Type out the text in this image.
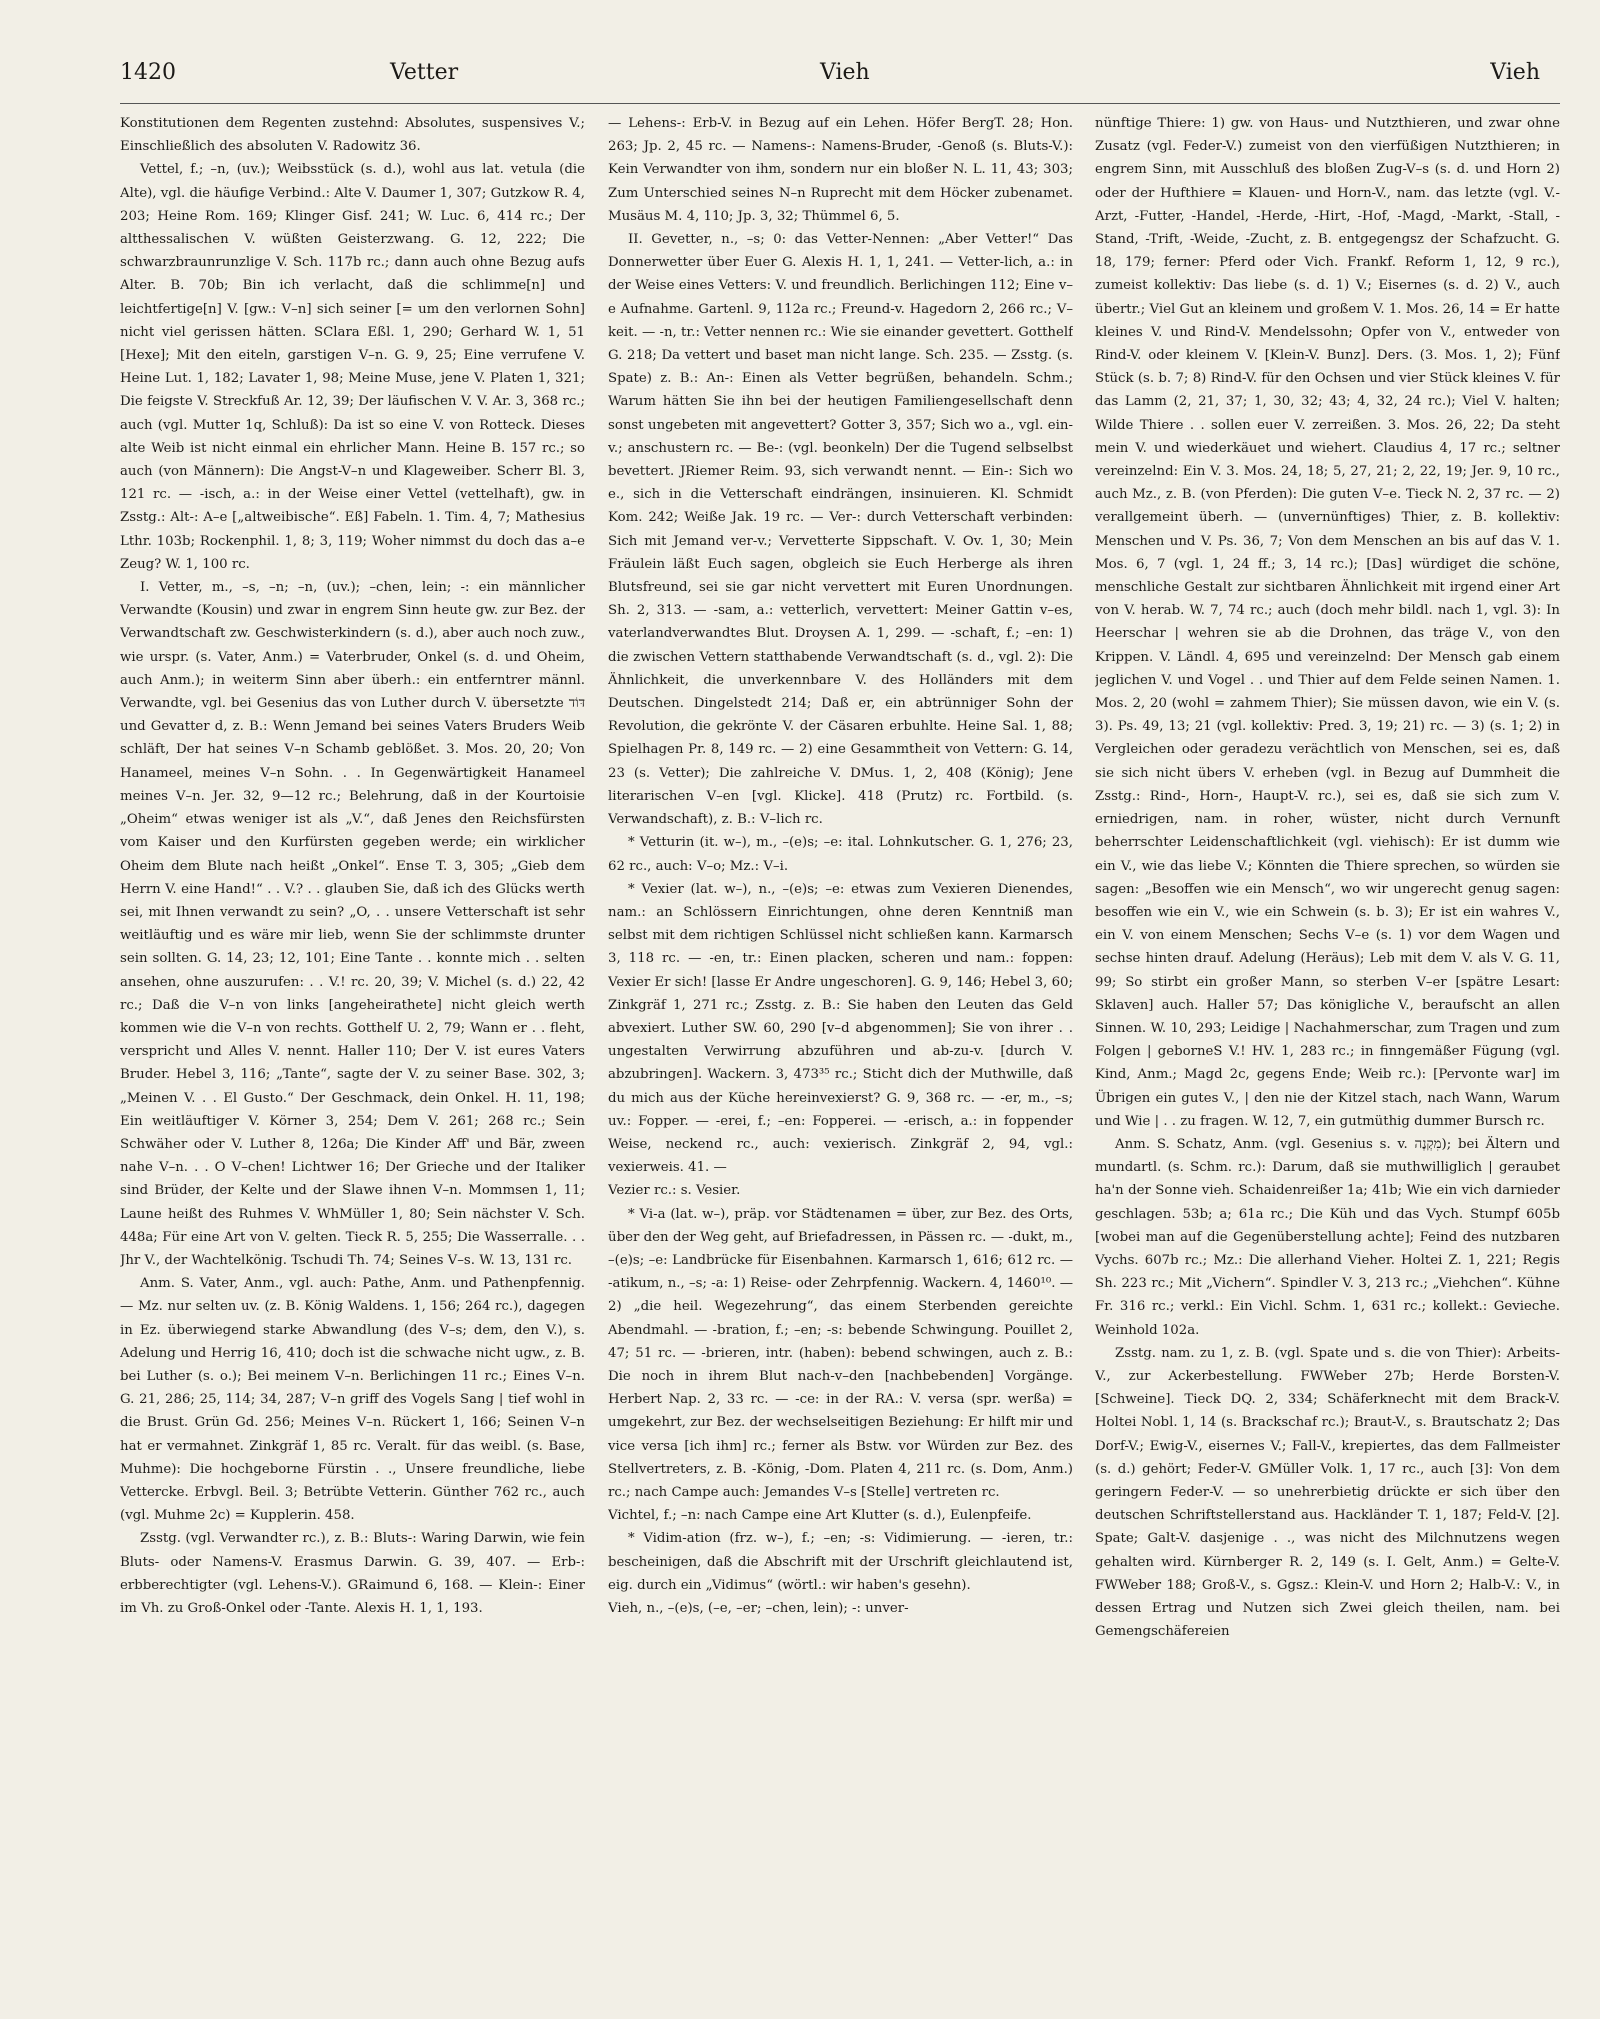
1420	Vetter	Vieh	Vieh

Konstitutionen dem Regenten zustehnd: Absolutes, suspensives V.; Einschließlich des absoluten V. Radowitz 36.

Vettel, f.; –n, (uv.); Weibsstück (s. d.), wohl aus lat. vetula (die Alte), vgl. die häufige Verbind.: Alte V. Daumer 1, 307; Gutzkow R. 4, 203; Heine Rom. 169; Klinger Gisf. 241; W. Luc. 6, 414 rc.; Der altthessalischen V. wüßten Geisterzwang. G. 12, 222; Die schwarzbraunrunzlige V. Sch. 117b rc.; dann auch ohne Bezug aufs Alter. B. 70b; Bin ich verlacht, daß die schlimme[n] und leichtfertige[n] V. [gw.: V–n] sich seiner [= um den verlornen Sohn] nicht viel gerissen hätten. SClara Eßl. 1, 290; Gerhard W. 1, 51 [Hexe]; Mit den eiteln, garstigen V–n. G. 9, 25; Eine verrufene V. Heine Lut. 1, 182; Lavater 1, 98; Meine Muse, jene V. Platen 1, 321; Die feigste V. Streckfuß Ar. 12, 39; Der läufischen V. V. Ar. 3, 368 rc.; auch (vgl. Mutter 1q, Schluß): Da ist so eine V. von Rotteck. Dieses alte Weib ist nicht einmal ein ehrlicher Mann. Heine B. 157 rc.; so auch (von Männern): Die Angst-V–n und Klageweiber. Scherr Bl. 3, 121 rc. — -isch, a.: in der Weise einer Vettel (vettelhaft), gw. in Zsstg.: Alt-: A–e [„altweibische“. Eß] Fabeln. 1. Tim. 4, 7; Mathesius Lthr. 103b; Rockenphil. 1, 8; 3, 119; Woher nimmst du doch das a–e Zeug? W. 1, 100 rc.

I. Vetter, m., –s, –n; –n, (uv.); –chen, lein; -: ein männlicher Verwandte (Kousin) und zwar in engrem Sinn heute gw. zur Bez. der Verwandtschaft zw. Geschwisterkindern (s. d.), aber auch noch zuw., wie urspr. (s. Vater, Anm.) = Vaterbruder, Onkel (s. d. und Oheim, auch Anm.); in weiterm Sinn aber überh.: ein entferntrer männl. Verwandte, vgl. bei Gesenius das von Luther durch V. übersetzte דּוֹד und Gevatter d, z. B.: Wenn Jemand bei seines Vaters Bruders Weib schläft, Der hat seines V–n Schamb geblößet. 3. Mos. 20, 20; Von Hanameel, meines V–n Sohn. . . In Gegenwärtigkeit Hanameel meines V–n. Jer. 32, 9—12 rc.; Belehrung, daß in der Kourtoisie „Oheim“ etwas weniger ist als „V.“, daß Jenes den Reichsfürsten vom Kaiser und den Kurfürsten gegeben werde; ein wirklicher Oheim dem Blute nach heißt „Onkel“. Ense T. 3, 305; „Gieb dem Herrn V. eine Hand!“ . . V.? . . glauben Sie, daß ich des Glücks werth sei, mit Ihnen verwandt zu sein? „O, . . unsere Vetterschaft ist sehr weitläuftig und es wäre mir lieb, wenn Sie der schlimmste drunter sein sollten. G. 14, 23; 12, 101; Eine Tante . . konnte mich . . selten ansehen, ohne auszurufen: . . V.! rc. 20, 39; V. Michel (s. d.) 22, 42 rc.; Daß die V–n von links [angeheirathete] nicht gleich werth kommen wie die V–n von rechts. Gotthelf U. 2, 79; Wann er . . fleht, verspricht und Alles V. nennt. Haller 110; Der V. ist eures Vaters Bruder. Hebel 3, 116; „Tante“, sagte der V. zu seiner Base. 302, 3; „Meinen V. . . El Gusto.“ Der Geschmack, dein Onkel. H. 11, 198; Ein weitläuftiger V. Körner 3, 254; Dem V. 261; 268 rc.; Sein Schwäher oder V. Luther 8, 126a; Die Kinder Aff' und Bär, zween nahe V–n. . . O V–chen! Lichtwer 16; Der Grieche und der Italiker sind Brüder, der Kelte und der Slawe ihnen V–n. Mommsen 1, 11; Laune heißt des Ruhmes V. WhMüller 1, 80; Sein nächster V. Sch. 448a; Für eine Art von V. gelten. Tieck R. 5, 255; Die Wasserralle. . . Jhr V., der Wachtelkönig. Tschudi Th. 74; Seines V–s. W. 13, 131 rc.

Anm. S. Vater, Anm., vgl. auch: Pathe, Anm. und Pathenpfennig. — Mz. nur selten uv. (z. B. König Waldens. 1, 156; 264 rc.), dagegen in Ez. überwiegend starke Abwandlung (des V–s; dem, den V.), s. Adelung und Herrig 16, 410; doch ist die schwache nicht ugw., z. B. bei Luther (s. o.); Bei meinem V–n. Berlichingen 11 rc.; Eines V–n. G. 21, 286; 25, 114; 34, 287; V–n griff des Vogels Sang | tief wohl in die Brust. Grün Gd. 256; Meines V–n. Rückert 1, 166; Seinen V–n hat er vermahnet. Zinkgräf 1, 85 rc. Veralt. für das weibl. (s. Base, Muhme): Die hochgeborne Fürstin . ., Unsere freundliche, liebe Vettercke. Erbvgl. Beil. 3; Betrübte Vetterin. Günther 762 rc., auch (vgl. Muhme 2c) = Kupplerin. 458.

Zsstg. (vgl. Verwandter rc.), z. B.: Bluts-: Waring Darwin, wie fein Bluts- oder Namens-V. Erasmus Darwin. G. 39, 407. — Erb-: erbberechtigter (vgl. Lehens-V.). GRaimund 6, 168. — Klein-: Einer im Vh. zu Groß-Onkel oder -Tante. Alexis H. 1, 1, 193.

— Lehens-: Erb-V. in Bezug auf ein Lehen. Höfer BergT. 28; Hon. 263; Jp. 2, 45 rc. — Namens-: Namens-Bruder, -Genoß (s. Bluts-V.): Kein Verwandter von ihm, sondern nur ein bloßer N. L. 11, 43; 303; Zum Unterschied seines N–n Ruprecht mit dem Höcker zubenamet. Musäus M. 4, 110; Jp. 3, 32; Thümmel 6, 5.

II. Gevetter, n., –s; 0: das Vetter-Nennen: „Aber Vetter!“ Das Donnerwetter über Euer G. Alexis H. 1, 1, 241. — Vetter-lich, a.: in der Weise eines Vetters: V. und freundlich. Berlichingen 112; Eine v–e Aufnahme. Gartenl. 9, 112a rc.; Freund-v. Hagedorn 2, 266 rc.; V–keit. — -n, tr.: Vetter nennen rc.: Wie sie einander gevettert. Gotthelf G. 218; Da vettert und baset man nicht lange. Sch. 235. — Zsstg. (s. Spate) z. B.: An-: Einen als Vetter begrüßen, behandeln. Schm.; Warum hätten Sie ihn bei der heutigen Familiengesellschaft denn sonst ungebeten mit angevettert? Gotter 3, 357; Sich wo a., vgl. ein-v.; anschustern rc. — Be-: (vgl. beonkeln) Der die Tugend selbselbst bevettert. JRiemer Reim. 93, sich verwandt nennt. — Ein-: Sich wo e., sich in die Vetterschaft eindrängen, insinuieren. Kl. Schmidt Kom. 242; Weiße Jak. 19 rc. — Ver-: durch Vetterschaft verbinden: Sich mit Jemand ver-v.; Vervetterte Sippschaft. V. Ov. 1, 30; Mein Fräulein läßt Euch sagen, obgleich sie Euch Herberge als ihren Blutsfreund, sei sie gar nicht vervettert mit Euren Unordnungen. Sh. 2, 313. — -sam, a.: vetterlich, vervettert: Meiner Gattin v–es, vaterlandverwandtes Blut. Droysen A. 1, 299. — -schaft, f.; –en: 1) die zwischen Vettern statthabende Verwandtschaft (s. d., vgl. 2): Die Ähnlichkeit, die unverkennbare V. des Holländers mit dem Deutschen. Dingelstedt 214; Daß er, ein abtrünniger Sohn der Revolution, die gekrönte V. der Cäsaren erbuhlte. Heine Sal. 1, 88; Spielhagen Pr. 8, 149 rc. — 2) eine Gesammtheit von Vettern: G. 14, 23 (s. Vetter); Die zahlreiche V. DMus. 1, 2, 408 (König); Jene literarischen V–en [vgl. Klicke]. 418 (Prutz) rc. Fortbild. (s. Verwandschaft), z. B.: V–lich rc.

* Vetturin (it. w–), m., –(e)s; –e: ital. Lohnkutscher. G. 1, 276; 23, 62 rc., auch: V–o; Mz.: V–i.

* Vexier (lat. w–), n., –(e)s; –e: etwas zum Vexieren Dienendes, nam.: an Schlössern Einrichtungen, ohne deren Kenntniß man selbst mit dem richtigen Schlüssel nicht schließen kann. Karmarsch 3, 118 rc. — -en, tr.: Einen placken, scheren und nam.: foppen: Vexier Er sich! [lasse Er Andre ungeschoren]. G. 9, 146; Hebel 3, 60; Zinkgräf 1, 271 rc.; Zsstg. z. B.: Sie haben den Leuten das Geld abvexiert. Luther SW. 60, 290 [v–d abgenommen]; Sie von ihrer . . ungestalten Verwirrung abzuführen und ab-zu-v. [durch V. abzubringen]. Wackern. 3, 473³⁵ rc.; Sticht dich der Muthwille, daß du mich aus der Küche hereinvexierst? G. 9, 368 rc. — -er, m., –s; uv.: Fopper. — -erei, f.; –en: Fopperei. — -erisch, a.: in foppender Weise, neckend rc., auch: vexierisch. Zinkgräf 2, 94, vgl.: vexierweis. 41. —

Vezier rc.: s. Vesier.

* Vi-a (lat. w–), präp. vor Städtenamen = über, zur Bez. des Orts, über den der Weg geht, auf Briefadressen, in Pässen rc. — -dukt, m., –(e)s; –e: Landbrücke für Eisenbahnen. Karmarsch 1, 616; 612 rc. — -atikum, n., –s; -a: 1) Reise- oder Zehrpfennig. Wackern. 4, 1460¹⁰. — 2) „die heil. Wegezehrung“, das einem Sterbenden gereichte Abendmahl. — -bration, f.; –en; -s: bebende Schwingung. Pouillet 2, 47; 51 rc. — -brieren, intr. (haben): bebend schwingen, auch z. B.: Die noch in ihrem Blut nach-v–den [nachbebenden] Vorgänge. Herbert Nap. 2, 33 rc. — -ce: in der RA.: V. versa (spr. werßa) = umgekehrt, zur Bez. der wechselseitigen Beziehung: Er hilft mir und vice versa [ich ihm] rc.; ferner als Bstw. vor Würden zur Bez. des Stellvertreters, z. B. -König, -Dom. Platen 4, 211 rc. (s. Dom, Anm.) rc.; nach Campe auch: Jemandes V–s [Stelle] vertreten rc.

Vichtel, f.; –n: nach Campe eine Art Klutter (s. d.), Eulenpfeife.

* Vidim-ation (frz. w–), f.; –en; -s: Vidimierung. — -ieren, tr.: bescheinigen, daß die Abschrift mit der Urschrift gleichlautend ist, eig. durch ein „Vidimus“ (wörtl.: wir haben's gesehn).

Vieh, n., –(e)s, (–e, –er; –chen, lein); -: unver-

nünftige Thiere: 1) gw. von Haus- und Nutzthieren, und zwar ohne Zusatz (vgl. Feder-V.) zumeist von den vierfüßigen Nutzthieren; in engrem Sinn, mit Ausschluß des bloßen Zug-V–s (s. d. und Horn 2) oder der Hufthiere = Klauen- und Horn-V., nam. das letzte (vgl. V.-Arzt, -Futter, -Handel, -Herde, -Hirt, -Hof, -Magd, -Markt, -Stall, -Stand, -Trift, -Weide, -Zucht, z. B. entgegengsz der Schafzucht. G. 18, 179; ferner: Pferd oder Vich. Frankf. Reform 1, 12, 9 rc.), zumeist kollektiv: Das liebe (s. d. 1) V.; Eisernes (s. d. 2) V., auch übertr.; Viel Gut an kleinem und großem V. 1. Mos. 26, 14 = Er hatte kleines V. und Rind-V. Mendelssohn; Opfer von V., entweder von Rind-V. oder kleinem V. [Klein-V. Bunz]. Ders. (3. Mos. 1, 2); Fünf Stück (s. b. 7; 8) Rind-V. für den Ochsen und vier Stück kleines V. für das Lamm (2, 21, 37; 1, 30, 32; 43; 4, 32, 24 rc.); Viel V. halten; Wilde Thiere . . sollen euer V. zerreißen. 3. Mos. 26, 22; Da steht mein V. und wiederkäuet und wiehert. Claudius 4, 17 rc.; seltner vereinzelnd: Ein V. 3. Mos. 24, 18; 5, 27, 21; 2, 22, 19; Jer. 9, 10 rc., auch Mz., z. B. (von Pferden): Die guten V–e. Tieck N. 2, 37 rc. — 2) verallgemeint überh. — (unvernünftiges) Thier, z. B. kollektiv: Menschen und V. Ps. 36, 7; Von dem Menschen an bis auf das V. 1. Mos. 6, 7 (vgl. 1, 24 ff.; 3, 14 rc.); [Das] würdiget die schöne, menschliche Gestalt zur sichtbaren Ähnlichkeit mit irgend einer Art von V. herab. W. 7, 74 rc.; auch (doch mehr bildl. nach 1, vgl. 3): In Heerschar | wehren sie ab die Drohnen, das träge V., von den Krippen. V. Ländl. 4, 695 und vereinzelnd: Der Mensch gab einem jeglichen V. und Vogel . . und Thier auf dem Felde seinen Namen. 1. Mos. 2, 20 (wohl = zahmem Thier); Sie müssen davon, wie ein V. (s. 3). Ps. 49, 13; 21 (vgl. kollektiv: Pred. 3, 19; 21) rc. — 3) (s. 1; 2) in Vergleichen oder geradezu verächtlich von Menschen, sei es, daß sie sich nicht übers V. erheben (vgl. in Bezug auf Dummheit die Zsstg.: Rind-, Horn-, Haupt-V. rc.), sei es, daß sie sich zum V. erniedrigen, nam. in roher, wüster, nicht durch Vernunft beherrschter Leidenschaftlichkeit (vgl. viehisch): Er ist dumm wie ein V., wie das liebe V.; Könnten die Thiere sprechen, so würden sie sagen: „Besoffen wie ein Mensch“, wo wir ungerecht genug sagen: besoffen wie ein V., wie ein Schwein (s. b. 3); Er ist ein wahres V., ein V. von einem Menschen; Sechs V–e (s. 1) vor dem Wagen und sechse hinten drauf. Adelung (Heräus); Leb mit dem V. als V. G. 11, 99; So stirbt ein großer Mann, so sterben V–er [spätre Lesart: Sklaven] auch. Haller 57; Das königliche V., beraufscht an allen Sinnen. W. 10, 293; Leidige | Nachahmerschar, zum Tragen und zum Folgen | geborneS V.! HV. 1, 283 rc.; in finngemäßer Fügung (vgl. Kind, Anm.; Magd 2c, gegens Ende; Weib rc.): [Pervonte war] im Übrigen ein gutes V., | den nie der Kitzel stach, nach Wann, Warum und Wie | . . zu fragen. W. 12, 7, ein gutmüthig dummer Bursch rc.

Anm. S. Schatz, Anm. (vgl. Gesenius s. v. מִקְנֶה); bei Ältern und mundartl. (s. Schm. rc.): Darum, daß sie muthwilliglich | geraubet ha'n der Sonne vieh. Schaidenreißer 1a; 41b; Wie ein vich darnieder geschlagen. 53b; a; 61a rc.; Die Küh und das Vych. Stumpf 605b [wobei man auf die Gegenüberstellung achte]; Feind des nutzbaren Vychs. 607b rc.; Mz.: Die allerhand Vieher. Holtei Z. 1, 221; Regis Sh. 223 rc.; Mit „Vichern“. Spindler V. 3, 213 rc.; „Viehchen“. Kühne Fr. 316 rc.; verkl.: Ein Vichl. Schm. 1, 631 rc.; kollekt.: Gevieche. Weinhold 102a.

Zsstg. nam. zu 1, z. B. (vgl. Spate und s. die von Thier): Arbeits-V., zur Ackerbestellung. FWWeber 27b; Herde Borsten-V. [Schweine]. Tieck DQ. 2, 334; Schäferknecht mit dem Brack-V. Holtei Nobl. 1, 14 (s. Brackschaf rc.); Braut-V., s. Brautschatz 2; Das Dorf-V.; Ewig-V., eisernes V.; Fall-V., krepiertes, das dem Fallmeister (s. d.) gehört; Feder-V. GMüller Volk. 1, 17 rc., auch [3]: Von dem geringern Feder-V. — so unehrerbietig drückte er sich über den deutschen Schriftstellerstand aus. Hackländer T. 1, 187; Feld-V. [2]. Spate; Galt-V. dasjenige . ., was nicht des Milchnutzens wegen gehalten wird. Kürnberger R. 2, 149 (s. I. Gelt, Anm.) = Gelte-V. FWWeber 188; Groß-V., s. Ggsz.: Klein-V. und Horn 2; Halb-V.: V., in dessen Ertrag und Nutzen sich Zwei gleich theilen, nam. bei Gemengschäfereien
